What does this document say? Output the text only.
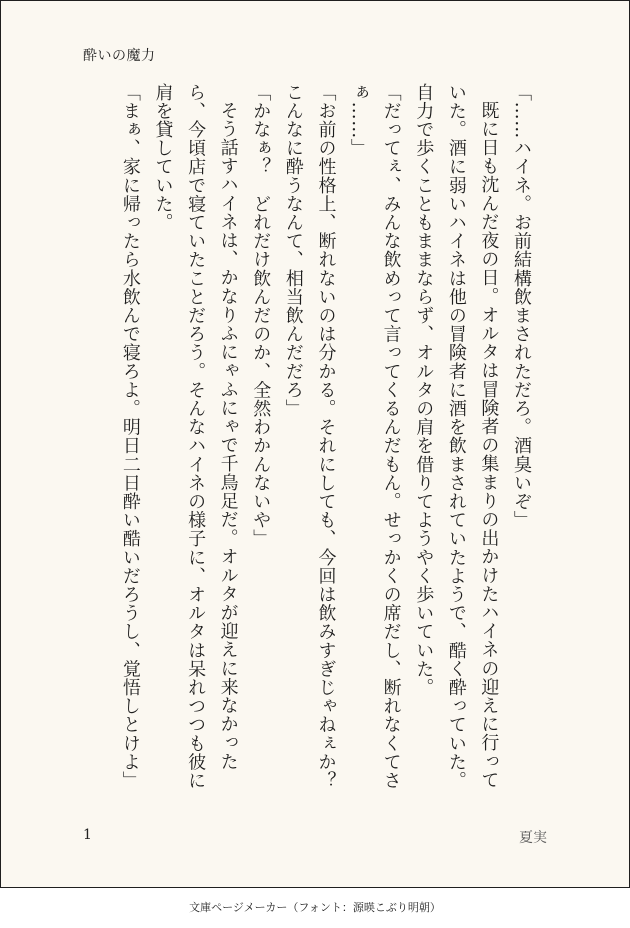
酔いの魔力

「……ハイネ。お前結構飲まされただろ。酒臭いぞ」

既に日も沈んだ夜の日。オルタは冒険者の集まりの出かけたハイネの迎えに行っていた。酒に弱いハイネは他の冒険者に酒を飲まされていたようで、酷く酔っていた。自力で歩くこともままならず、オルタの肩を借りてようやく歩いていた。

「だってぇ、みんな飲めって言ってくるんだもん。せっかくの席だし、断れなくてさぁ……」

「お前の性格上、断れないのは分かる。それにしても、今回は飲みすぎじゃねぇか？　こんなに酔うなんて、相当飲んだだろ」

「かなぁ？　どれだけ飲んだのか、全然わかんないや」

そう話すハイネは、かなりふにゃふにゃで千鳥足だ。オルタが迎えに来なかったら、今頃店で寝ていたことだろう。そんなハイネの様子に、オルタは呆れつつも彼に肩を貸していた。

「まぁ、家に帰ったら水飲んで寝ろよ。明日二日酔い酷いだろうし、覚悟しとけよ」

1	夏実
文庫ページメーカー（フォント：源暎こぶり明朝）
